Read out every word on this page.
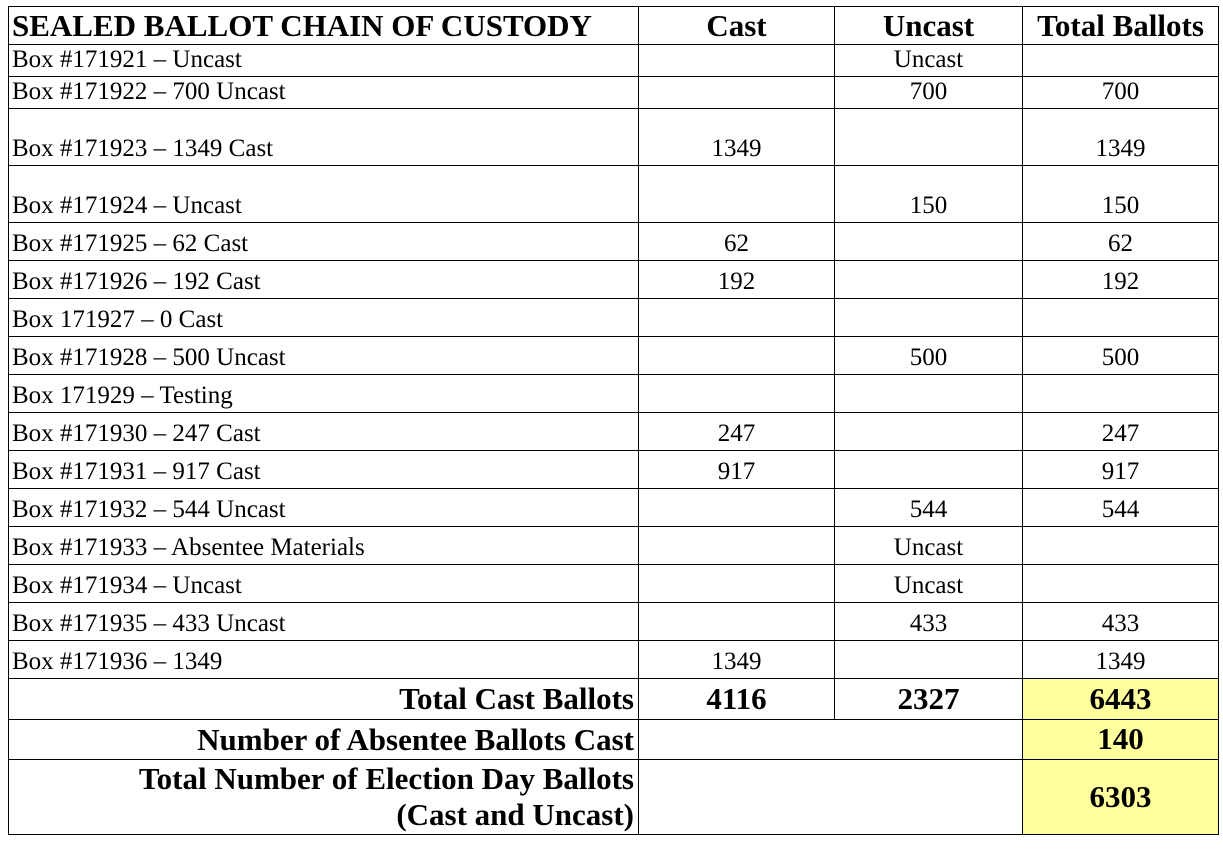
SEALED BALLOT CHAIN OF CUSTODY	Cast	Uncast	Total Ballots
Box #171921 – Uncast		Uncast	
Box #171922 – 700 Uncast		700	700
Box #171923 – 1349 Cast	1349		1349
Box #171924 – Uncast		150	150
Box #171925 – 62 Cast	62		62
Box #171926 – 192 Cast	192		192
Box 171927 – 0 Cast			
Box #171928 – 500 Uncast		500	500
Box 171929 – Testing			
Box #171930 – 247 Cast	247		247
Box #171931 – 917 Cast	917		917
Box #171932 – 544 Uncast		544	544
Box #171933 – Absentee Materials		Uncast	
Box #171934 – Uncast		Uncast	
Box #171935 – 433 Uncast		433	433
Box #171936 – 1349	1349		1349
Total Cast Ballots	4116	2327	6443
Number of Absentee Ballots Cast			140

Total Number of Election Day Ballots
(Cast and Uncast)			6303
